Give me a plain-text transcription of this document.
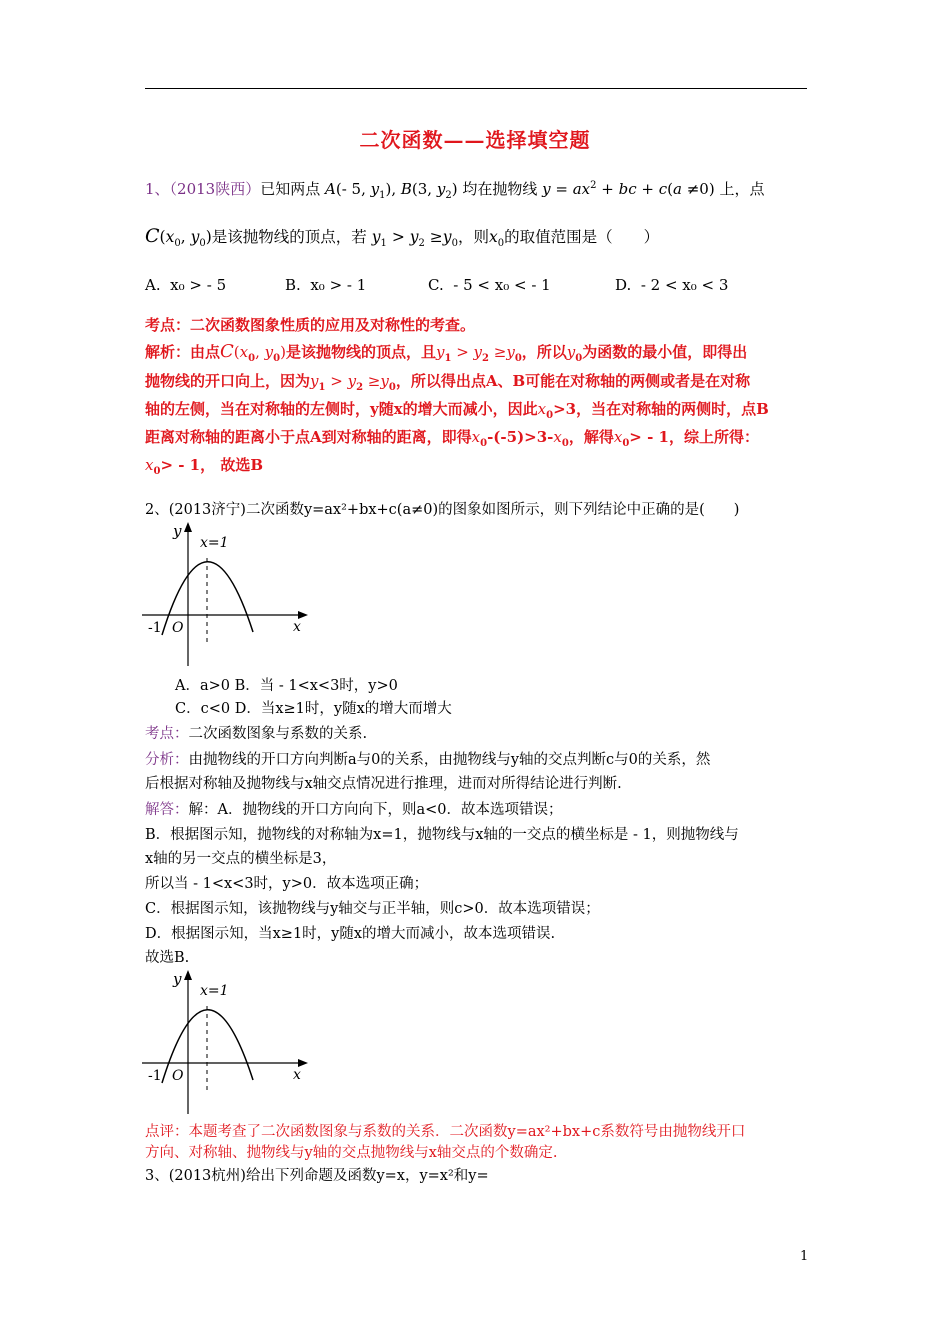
二次函数——选择填空题
1、（2013陕西）已知两点 A(- 5, $y_1$), B(3, $y_2$) 均在抛物线 $y = ax^2$ + bc + c(a ≠0) 上，点
$C(x_0$, $y_0$)是该抛物线的顶点，若 $y_1 > y_2 \ge y_0$，则$x_0$的取值范围是（　　）
A. x₀ > - 5	B. x₀ > - 1	C. - 5 < x₀ < - 1	D. - 2 < x₀ < 3
考点：二次函数图象性质的应用及对称性的考查。
解析：由点$C(x_0$, $y_0$)是该抛物线的顶点，且$y_1 > y_2 \ge y_0$，所以$y_0$为函数的最小值，即得出
抛物线的开口向上，因为$y_1 > y_2 \ge y_0$，所以得出点A、B可能在对称轴的两侧或者是在对称
轴的左侧，当在对称轴的左侧时，y随x的增大而减小，因此$x_0>3$，当在对称轴的两侧时，点B
距离对称轴的距离小于点A到对称轴的距离，即得$x_0-(-5)>3-x_0$，解得$x_0> - 1$，综上所得：
$x_0> - 1$， 故选B
2、(2013济宁)二次函数y=ax²+bx+c(a≠0)的图象如图所示，则下列结论中正确的是(　　)
y
x=1
x
-1 O
A．a>0 B．当 - 1<x<3时，y>0
C．c<0 D．当x≥1时，y随x的增大而增大
考点：二次函数图象与系数的关系.
分析：由抛物线的开口方向判断a与0的关系，由抛物线与y轴的交点判断c与0的关系，然
后根据对称轴及抛物线与x轴交点情况进行推理，进而对所得结论进行判断.
解答：解：A．抛物线的开口方向向下，则a<0．故本选项错误；
B．根据图示知，抛物线的对称轴为x=1，抛物线与x轴的一交点的横坐标是 - 1，则抛物线与
x轴的另一交点的横坐标是3，
所以当 - 1<x<3时，y>0．故本选项正确；
C．根据图示知，该抛物线与y轴交与正半轴，则c>0．故本选项错误；
D．根据图示知，当x≥1时，y随x的增大而减小，故本选项错误.
故选B.
y
x=1
x
-1 O
点评：本题考查了二次函数图象与系数的关系．二次函数y=ax²+bx+c系数符号由抛物线开口
方向、对称轴、抛物线与y轴的交点抛物线与x轴交点的个数确定.
3、(2013杭州)给出下列命题及函数y=x，y=x²和y=
1
